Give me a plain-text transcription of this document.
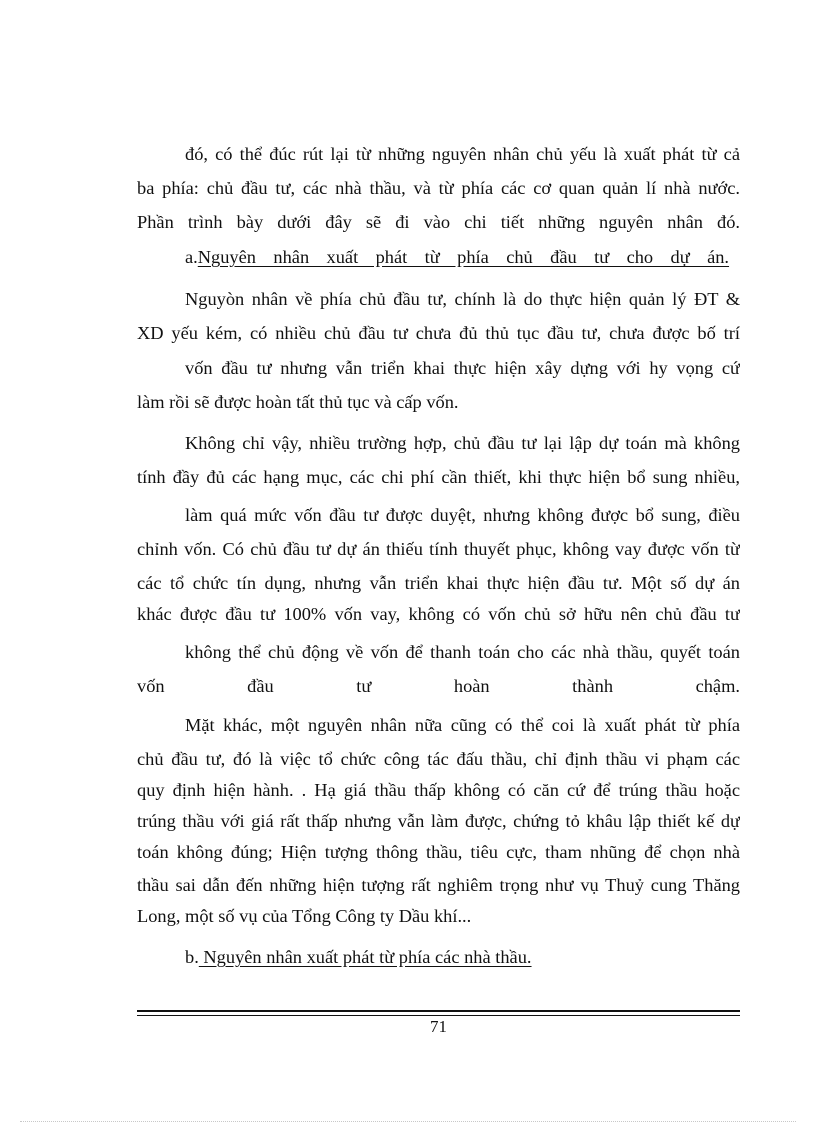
đó, có thể đúc rút lại từ những nguyên nhân chủ yếu là xuất phát từ cả
ba phía: chủ đầu tư, các nhà thầu, và từ phía các cơ quan quản lí nhà nước.
Phần trình bày dưới đây sẽ đi vào chi tiết những nguyên nhân đó.
a.Nguyên nhân xuất phát từ phía chủ đầu tư cho dự án.
Nguyòn nhân về phía chủ đầu tư, chính là do thực hiện quản lý ĐT &
XD yếu kém, có nhiều chủ đầu tư chưa đủ thủ tục đầu tư, chưa được bố trí
vốn đầu tư nhưng vẫn triển khai thực hiện xây dựng với hy vọng cứ
làm rồi sẽ được hoàn tất thủ tục và cấp vốn.
Không chỉ vậy, nhiều trường hợp, chủ đầu tư lại lập dự toán mà không
tính đầy đủ các hạng mục, các chi phí cần thiết, khi thực hiện bổ sung nhiều,
làm quá mức vốn đầu tư được duyệt, nhưng không được bổ sung, điều
chỉnh vốn. Có chủ đầu tư dự án thiếu tính thuyết phục, không vay được vốn từ
các tổ chức tín dụng, nhưng vẫn triển khai thực hiện đầu tư. Một số dự án
khác được đầu tư 100% vốn vay, không có vốn chủ sở hữu nên chủ đầu tư
không thể chủ động về vốn để thanh toán cho các nhà thầu, quyết toán
vốn đầu tư hoàn thành chậm.
Mặt khác, một nguyên nhân nữa cũng có thể coi là xuất phát từ phía
chủ đầu tư, đó là việc tổ chức công tác đấu thầu, chỉ định thầu vi phạm các
quy định hiện hành. . Hạ giá thầu thấp không có căn cứ để trúng thầu hoặc
trúng thầu với giá rất thấp nhưng vẫn làm được, chứng tỏ khâu lập thiết kế dự
toán không đúng; Hiện tượng thông thầu, tiêu cực, tham nhũng để chọn nhà
thầu sai dẫn đến những hiện tượng rất nghiêm trọng như vụ Thuỷ cung Thăng
Long, một số vụ của Tổng Công ty Dầu khí...
b. Nguyên nhân xuất phát từ phía các nhà thầu.
71
